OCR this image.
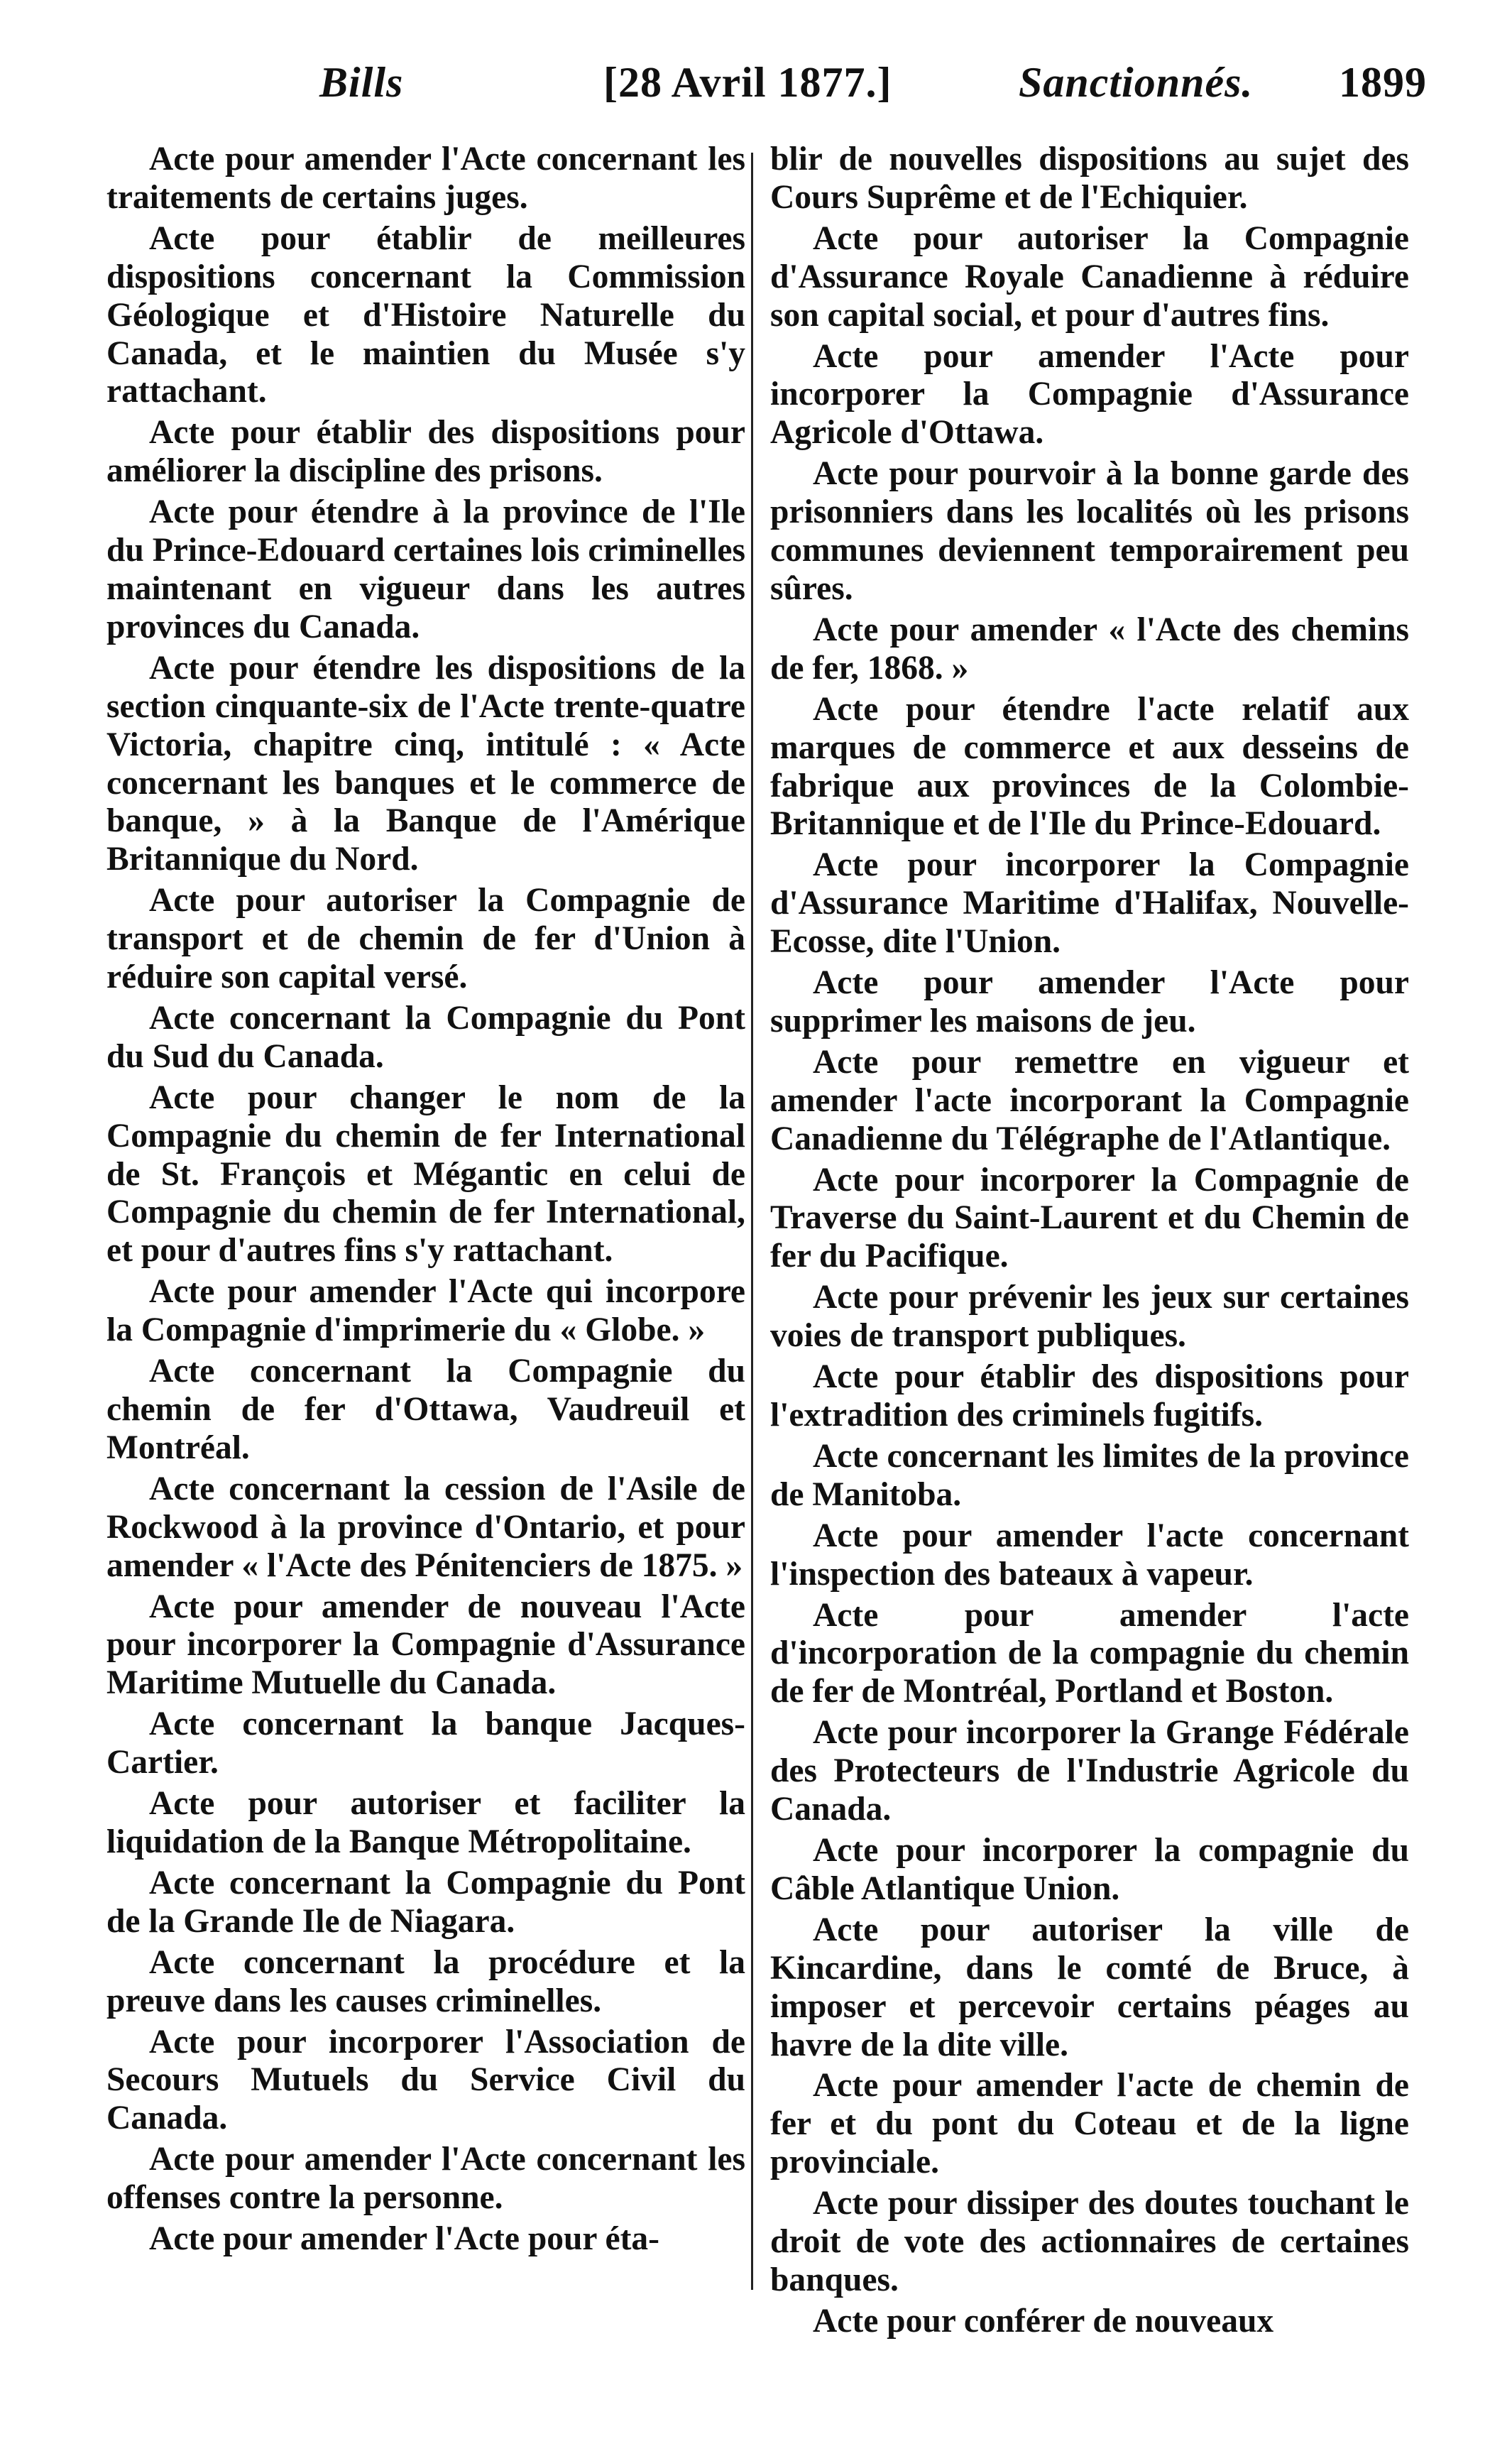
Bills	[28 Avril 1877.]	Sanctionnés. 1899

Acte pour amender l'Acte concernant les traitements de certains juges.

Acte pour établir de meilleures dispositions concernant la Commission Géologique et d'Histoire Naturelle du Canada, et le maintien du Musée s'y rattachant.

Acte pour établir des dispositions pour améliorer la discipline des prisons.

Acte pour étendre à la province de l'Ile du Prince-Edouard certaines lois criminelles maintenant en vigueur dans les autres provinces du Canada.

Acte pour étendre les dispositions de la section cinquante-six de l'Acte trente-quatre Victoria, chapitre cinq, intitulé : « Acte concernant les banques et le commerce de banque, » à la Banque de l'Amérique Britannique du Nord.

Acte pour autoriser la Compagnie de transport et de chemin de fer d'Union à réduire son capital versé.

Acte concernant la Compagnie du Pont du Sud du Canada.

Acte pour changer le nom de la Compagnie du chemin de fer International de St. François et Mégantic en celui de Compagnie du chemin de fer International, et pour d'autres fins s'y rattachant.

Acte pour amender l'Acte qui incorpore la Compagnie d'imprimerie du « Globe. »

Acte concernant la Compagnie du chemin de fer d'Ottawa, Vaudreuil et Montréal.

Acte concernant la cession de l'Asile de Rockwood à la province d'Ontario, et pour amender « l'Acte des Pénitenciers de 1875. »

Acte pour amender de nouveau l'Acte pour incorporer la Compagnie d'Assurance Maritime Mutuelle du Canada.

Acte concernant la banque Jacques-Cartier.

Acte pour autoriser et faciliter la liquidation de la Banque Métropolitaine.

Acte concernant la Compagnie du Pont de la Grande Ile de Niagara.

Acte concernant la procédure et la preuve dans les causes criminelles.

Acte pour incorporer l'Association de Secours Mutuels du Service Civil du Canada.

Acte pour amender l'Acte concernant les offenses contre la personne.

Acte pour amender l'Acte pour éta-

blir de nouvelles dispositions au sujet des Cours Suprême et de l'Echiquier.

Acte pour autoriser la Compagnie d'Assurance Royale Canadienne à réduire son capital social, et pour d'autres fins.

Acte pour amender l'Acte pour incorporer la Compagnie d'Assurance Agricole d'Ottawa.

Acte pour pourvoir à la bonne garde des prisonniers dans les localités où les prisons communes deviennent temporairement peu sûres.

Acte pour amender « l'Acte des chemins de fer, 1868. »

Acte pour étendre l'acte relatif aux marques de commerce et aux desseins de fabrique aux provinces de la Colombie-Britannique et de l'Ile du Prince-Edouard.

Acte pour incorporer la Compagnie d'Assurance Maritime d'Halifax, Nouvelle-Ecosse, dite l'Union.

Acte pour amender l'Acte pour supprimer les maisons de jeu.

Acte pour remettre en vigueur et amender l'acte incorporant la Compagnie Canadienne du Télégraphe de l'Atlantique.

Acte pour incorporer la Compagnie de Traverse du Saint-Laurent et du Chemin de fer du Pacifique.

Acte pour prévenir les jeux sur certaines voies de transport publiques.

Acte pour établir des dispositions pour l'extradition des criminels fugitifs.

Acte concernant les limites de la province de Manitoba.

Acte pour amender l'acte concernant l'inspection des bateaux à vapeur.

Acte pour amender l'acte d'incorporation de la compagnie du chemin de fer de Montréal, Portland et Boston.

Acte pour incorporer la Grange Fédérale des Protecteurs de l'Industrie Agricole du Canada.

Acte pour incorporer la compagnie du Câble Atlantique Union.

Acte pour autoriser la ville de Kincardine, dans le comté de Bruce, à imposer et percevoir certains péages au havre de la dite ville.

Acte pour amender l'acte de chemin de fer et du pont du Coteau et de la ligne provinciale.

Acte pour dissiper des doutes touchant le droit de vote des actionnaires de certaines banques.

Acte pour conférer de nouveaux
